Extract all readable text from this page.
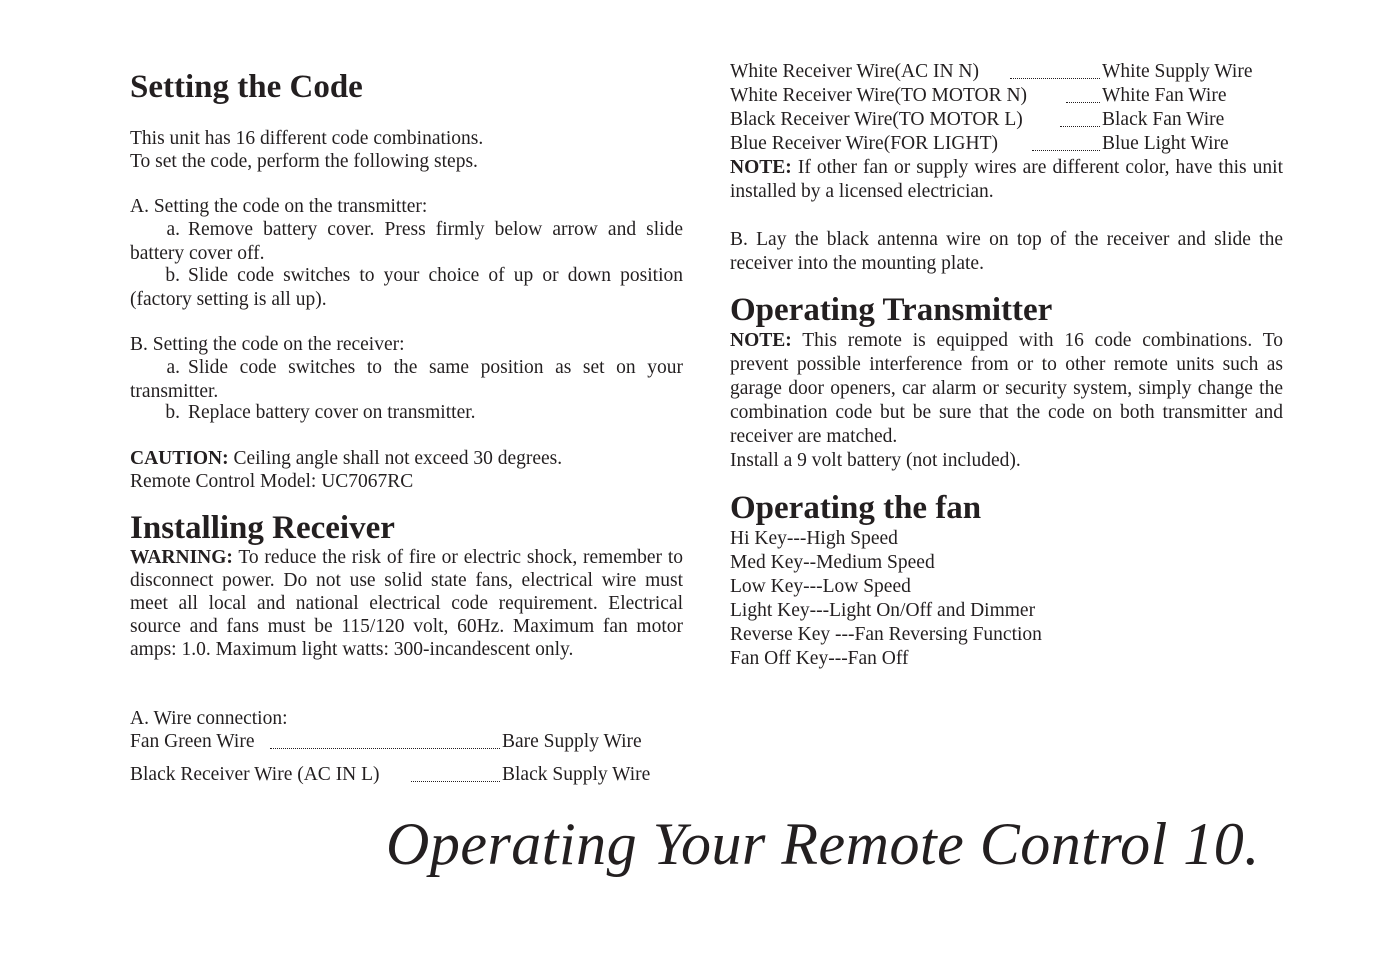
Setting the Code
This unit has 16 different code combinations.
To set the code, perform the following steps.
A. Setting the code on the transmitter:

a. Remove battery cover. Press firmly below arrow and slide battery cover off.

b. Slide code switches to your choice of up or down position (factory setting is all up).

B. Setting the code on the receiver:

a. Slide code switches to the same position as set on your transmitter.

b. Replace battery cover on transmitter.

CAUTION: Ceiling angle shall not exceed 30 degrees.
Remote Control Model: UC7067RC
Installing Receiver

WARNING: To reduce the risk of fire or electric shock, remember to disconnect power. Do not use solid state fans, electrical wire must meet all local and national electrical code requirement. Electrical source and fans must be 115/120 volt, 60Hz. Maximum fan motor amps: 1.0. Maximum light watts: 300-incandescent only.

A. Wire connection:
Fan Green Wire	Bare Supply Wire
Black Receiver Wire (AC IN L)	Black Supply Wire
White Receiver Wire(AC IN N)	White Supply Wire
White Receiver Wire(TO MOTOR N)	White Fan Wire
Black Receiver Wire(TO MOTOR L)	Black Fan Wire
Blue Receiver Wire(FOR LIGHT)	Blue Light Wire

NOTE: If other fan or supply wires are different color, have this unit installed by a licensed electrician.

B. Lay the black antenna wire on top of the receiver and slide the receiver into the mounting plate.

Operating Transmitter

NOTE: This remote is equipped with 16 code combinations. To prevent possible interference from or to other remote units such as garage door openers, car alarm or security system, simply change the combination code but be sure that the code on both transmitter and receiver are matched.

Install a 9 volt battery (not included).
Operating the fan
Hi Key---High Speed
Med Key--Medium Speed
Low Key---Low Speed
Light Key---Light On/Off and Dimmer
Reverse Key ---Fan Reversing Function
Fan Off Key---Fan Off
Operating Your Remote Control 10.
